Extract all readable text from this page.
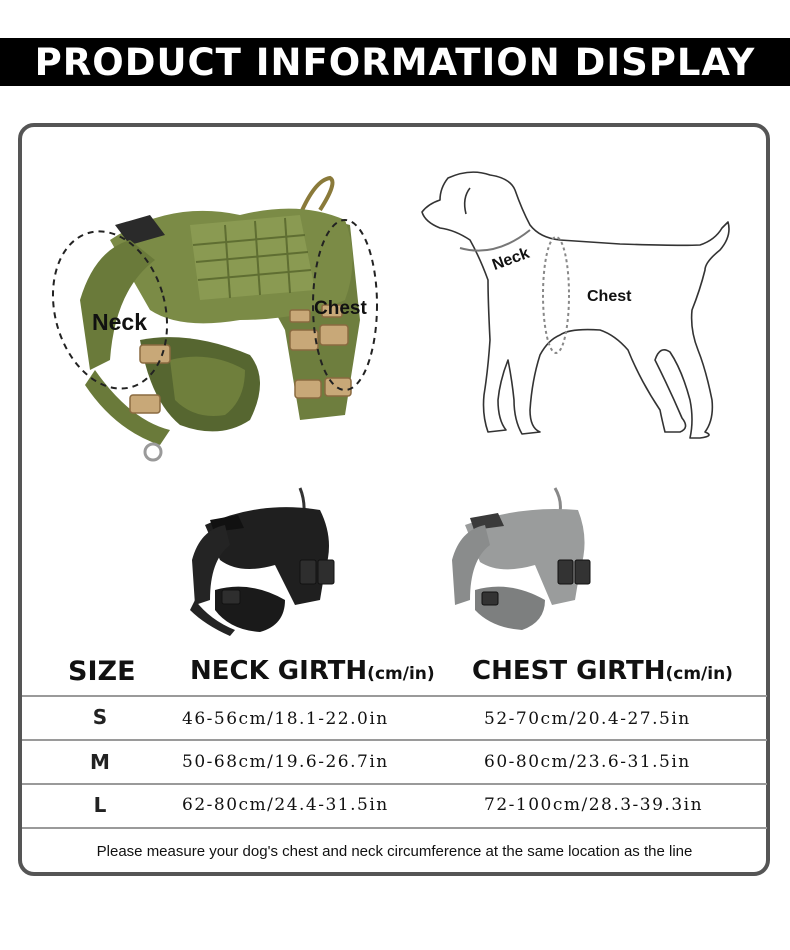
PRODUCT INFORMATION DISPLAY
Neck
Chest
Neck
Chest
SIZE NECK GIRTH(cm/in) CHEST GIRTH(cm/in)
S	46-56cm/18.1-22.0in	52-70cm/20.4-27.5in
M	50-68cm/19.6-26.7in	60-80cm/23.6-31.5in
L	62-80cm/24.4-31.5in	72-100cm/28.3-39.3in
Please measure your dog's chest and neck circumference at the same location as the line
